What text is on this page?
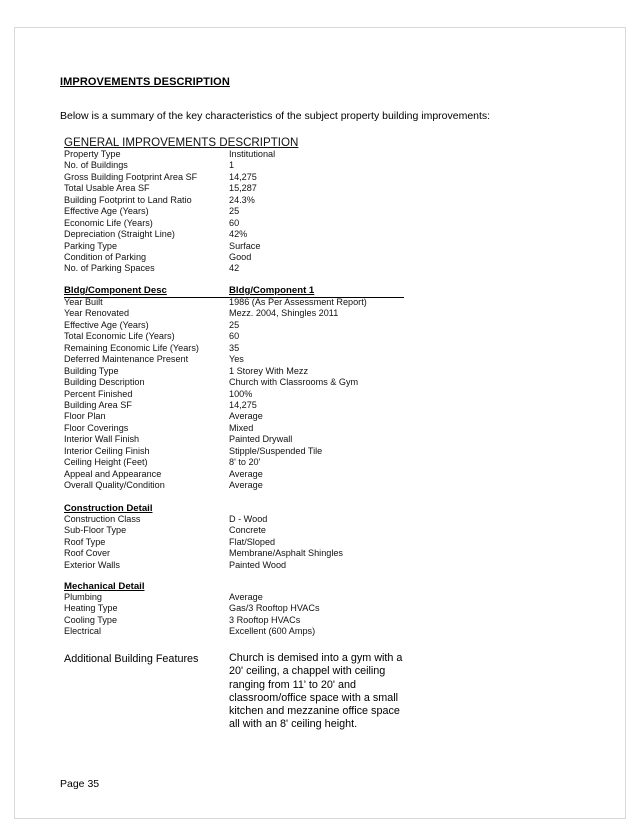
IMPROVEMENTS DESCRIPTION
Below is a summary of the key characteristics of the subject property building improvements:
GENERAL IMPROVEMENTS DESCRIPTION
Property Type	Institutional
No. of Buildings	1
Gross Building Footprint Area SF	14,275
Total Usable Area SF	15,287
Building Footprint to Land Ratio	24.3%
Effective Age (Years)	25
Economic Life (Years)	60
Depreciation (Straight Line)	42%
Parking Type	Surface
Condition of Parking	Good
No. of Parking Spaces	42
Bldg/Component Desc	Bldg/Component 1
Year Built	1986 (As Per Assessment Report)
Year Renovated	Mezz. 2004, Shingles 2011
Effective Age (Years)	25
Total Economic Life (Years)	60
Remaining Economic Life (Years)	35
Deferred Maintenance Present	Yes
Building Type	1 Storey With Mezz
Building Description	Church with Classrooms & Gym
Percent Finished	100%
Building Area SF	14,275
Floor Plan	Average
Floor Coverings	Mixed
Interior Wall Finish	Painted Drywall
Interior Ceiling Finish	Stipple/Suspended Tile
Ceiling Height (Feet)	8' to 20'
Appeal and Appearance	Average
Overall Quality/Condition	Average
Construction Detail
Construction Class	D - Wood
Sub-Floor Type	Concrete
Roof Type	Flat/Sloped
Roof Cover	Membrane/Asphalt Shingles
Exterior Walls	Painted Wood
Mechanical Detail
Plumbing	Average
Heating Type	Gas/3 Rooftop HVACs
Cooling Type	3 Rooftop HVACs
Electrical	Excellent (600 Amps)
Additional Building Features	Church is demised into a gym with a
20' ceiling, a chappel with ceiling
ranging from 11' to 20' and
classroom/office space with a small
kitchen and mezzanine office space
all with an 8' ceiling height.
Page 35
